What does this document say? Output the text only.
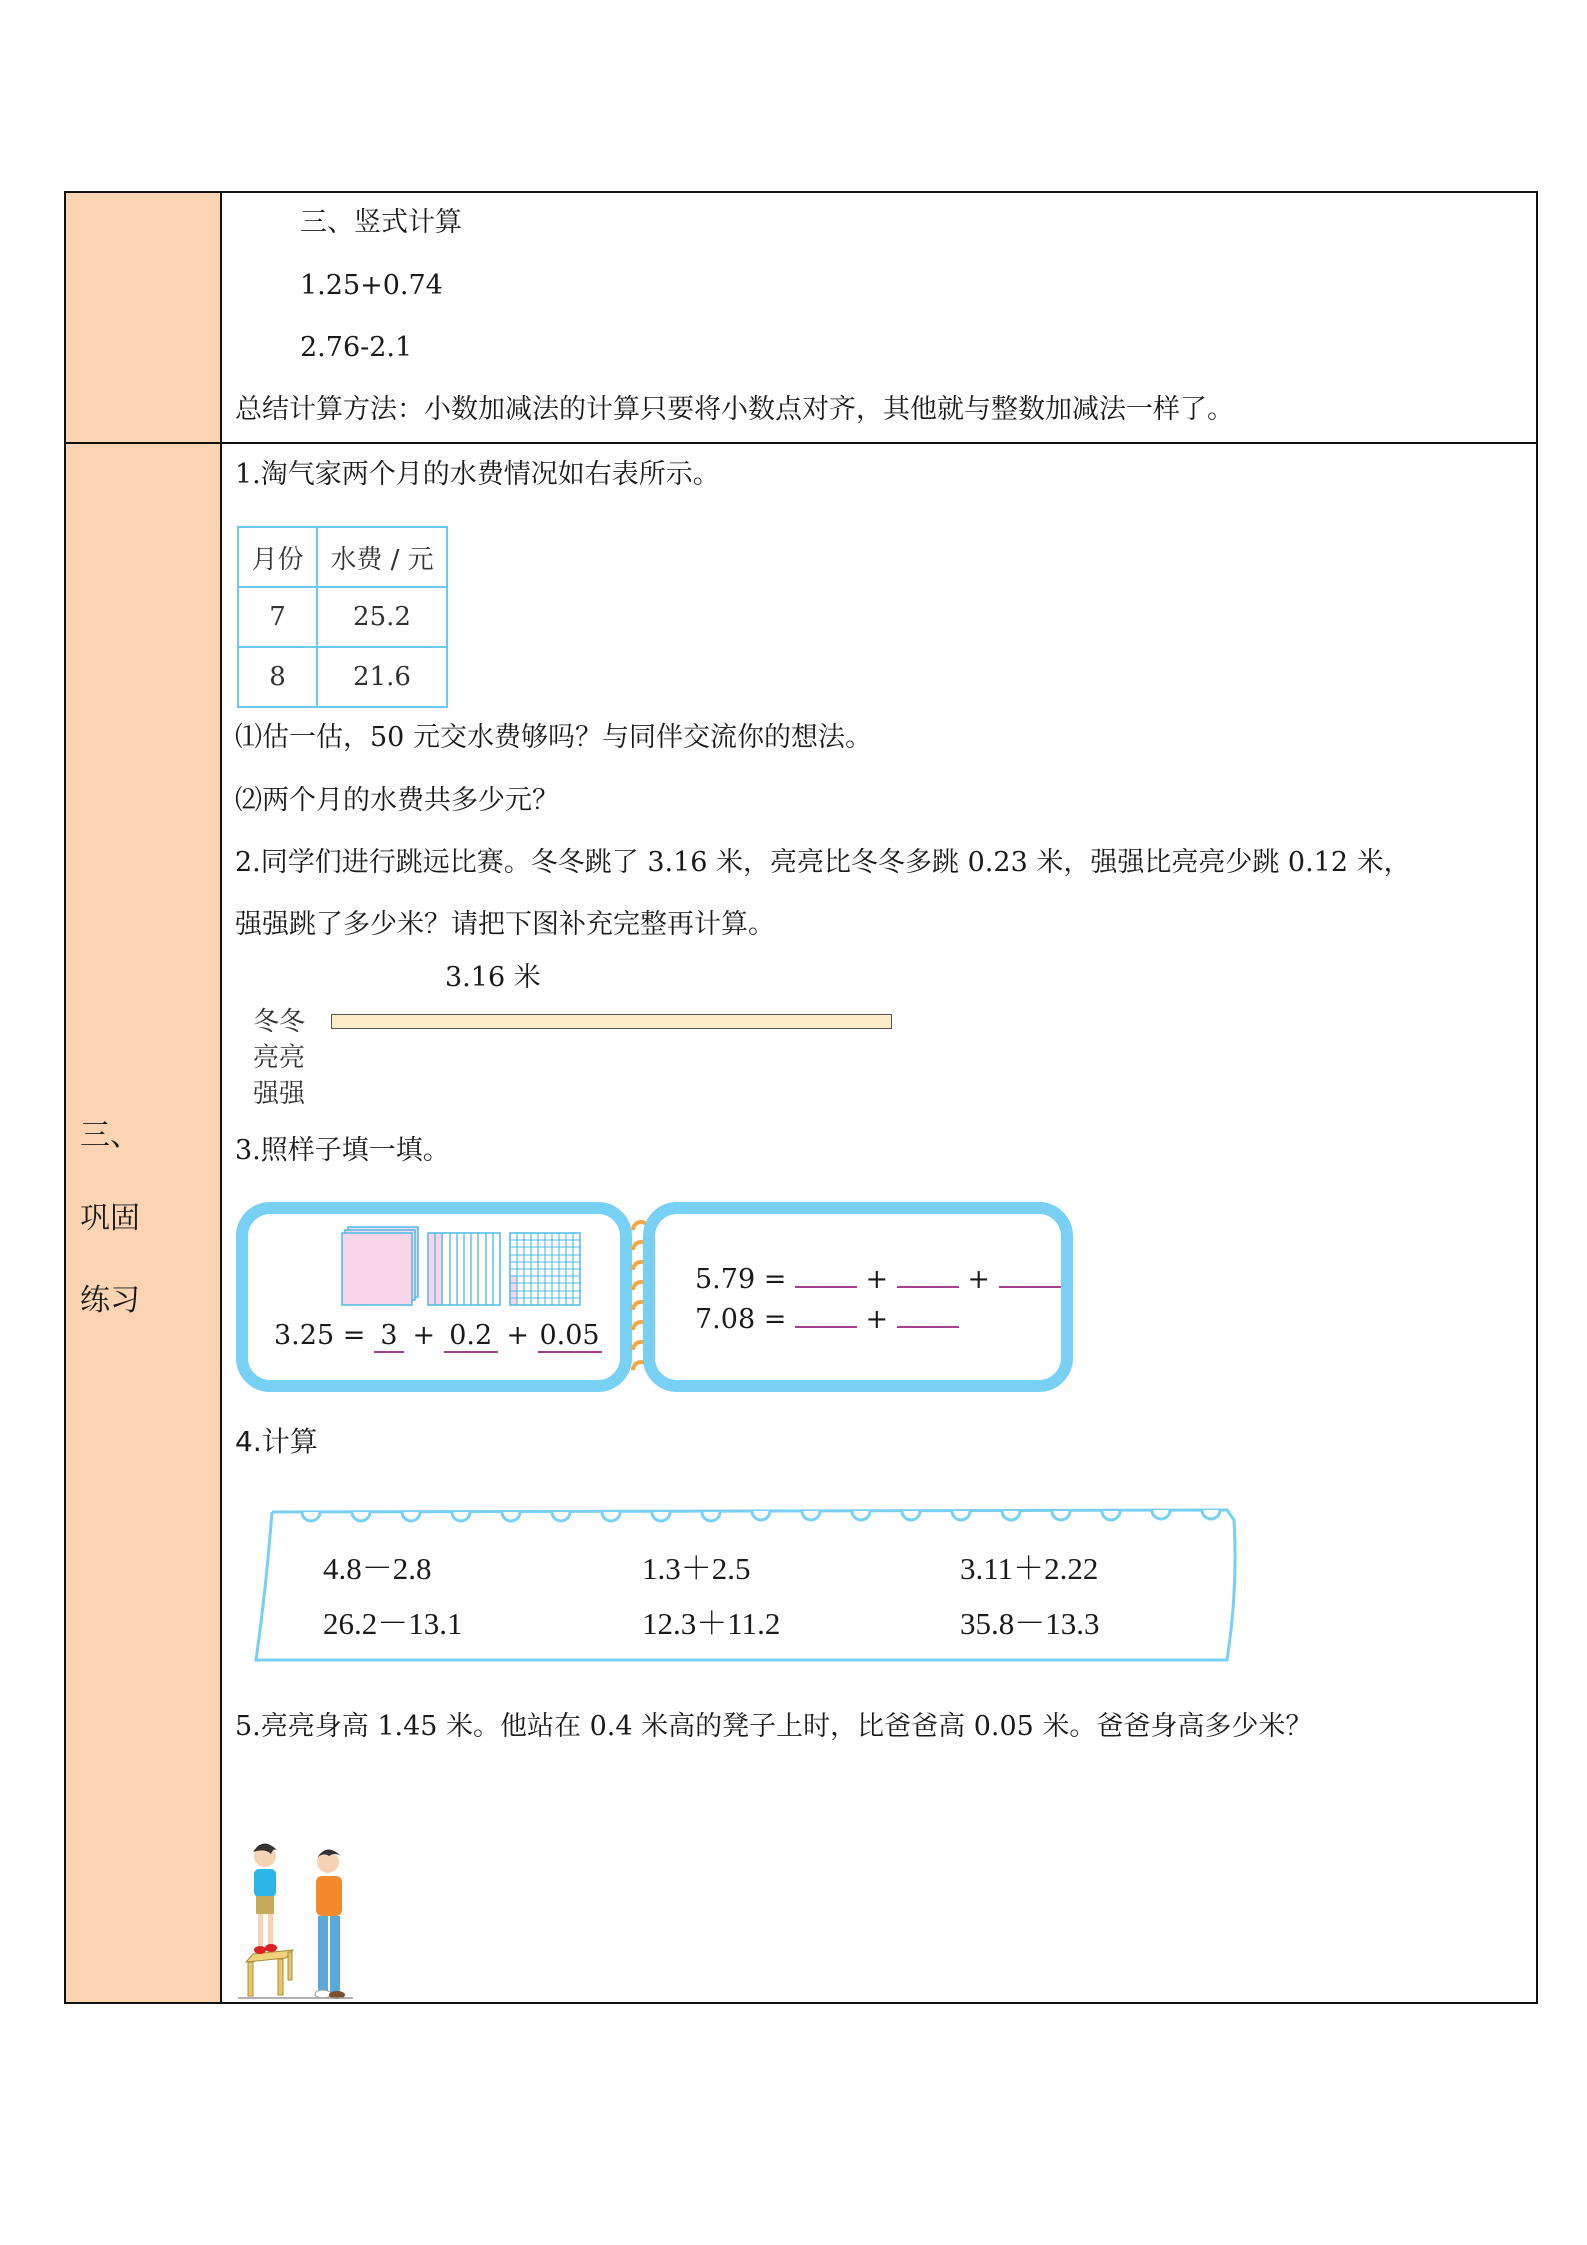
三、竖式计算
1.25+0.74
2.76-2.1
总结计算方法：小数加减法的计算只要将小数点对齐，其他就与整数加减法一样了。
三、
巩固
练习
1.淘气家两个月的水费情况如右表所示。
月份	水费 / 元
7	25.2
8	21.6
⑴估一估，50 元交水费够吗？与同伴交流你的想法。
⑵两个月的水费共多少元？
2.同学们进行跳远比赛。冬冬跳了 3.16 米，亮亮比冬冬多跳 0.23 米，强强比亮亮少跳 0.12 米，
强强跳了多少米？请把下图补充完整再计算。
3.16 米
冬冬
亮亮
强强
3.照样子填一填。
3.25 = 3 + 0.2 + 0.05
5.79 =	+	+
7.08 =	+
4.计算
4.8－2.8	1.3＋2.5	3.11＋2.22
26.2－13.1	12.3＋11.2	35.8－13.3
5.亮亮身高 1.45 米。他站在 0.4 米高的凳子上时，比爸爸高 0.05 米。爸爸身高多少米？
